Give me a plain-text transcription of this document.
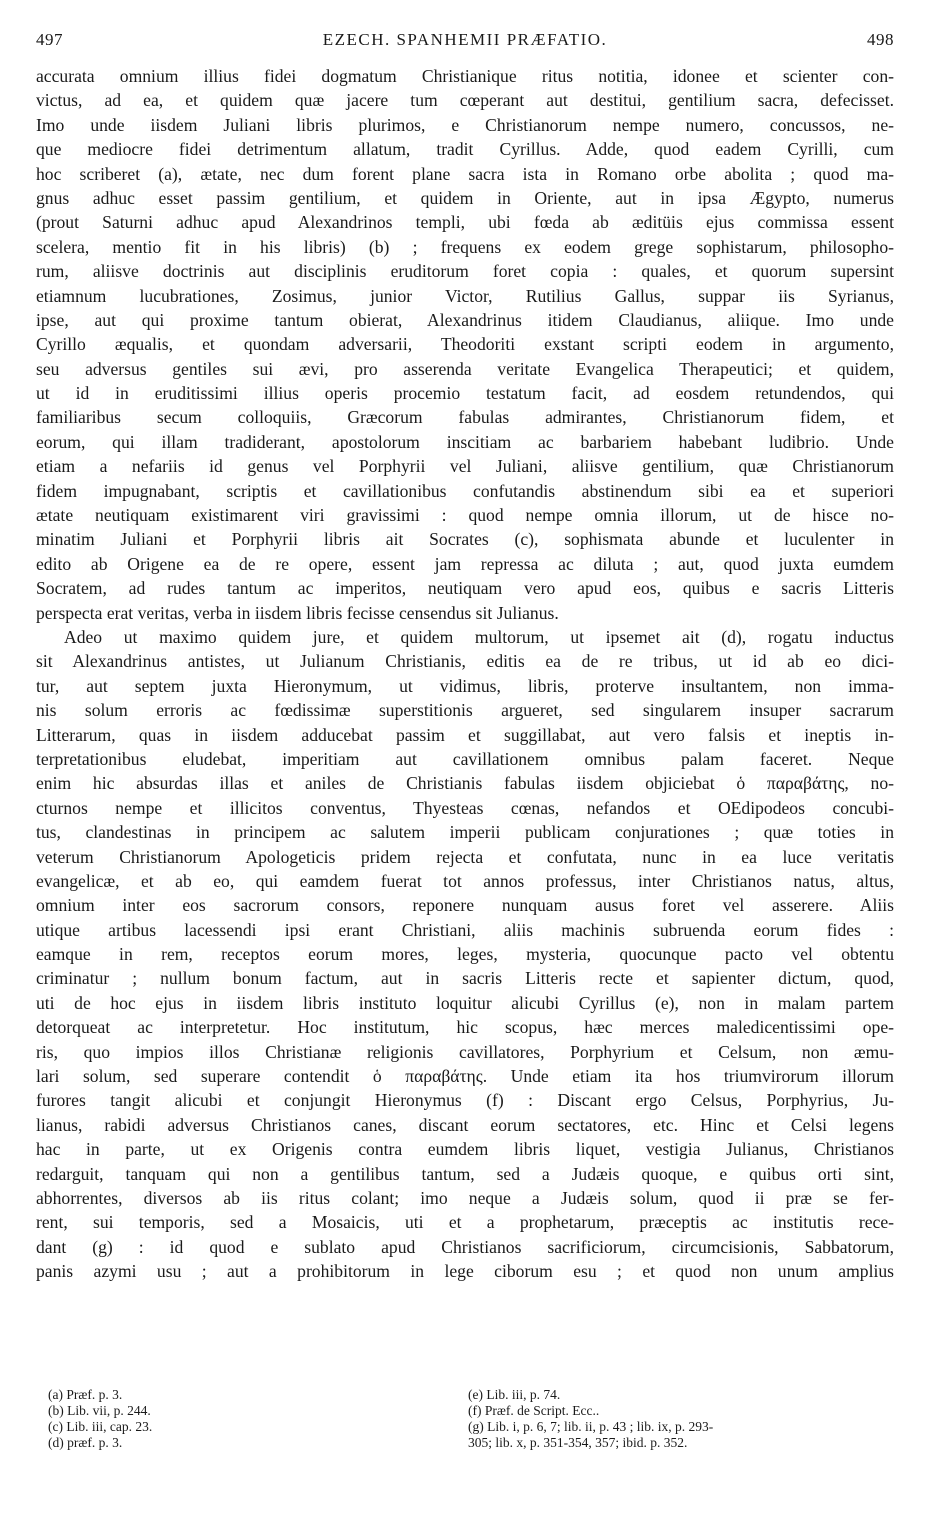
497	EZECH. SPANHEMII PRÆFATIO.	498
accurata omnium illius fidei dogmatum Christianique ritus notitia, idonee et scienter con-
victus, ad ea, et quidem quæ jacere tum cœperant aut destitui, gentilium sacra, defecisset.
Imo unde iisdem Juliani libris plurimos, e Christianorum nempe numero, concussos, ne-
que mediocre fidei detrimentum allatum, tradit Cyrillus. Adde, quod eadem Cyrilli, cum
hoc scriberet (a), ætate, nec dum forent plane sacra ista in Romano orbe abolita ; quod ma-
gnus adhuc esset passim gentilium, et quidem in Oriente, aut in ipsa Ægypto, numerus
(prout Saturni adhuc apud Alexandrinos templi, ubi fœda ab æditüis ejus commissa essent
scelera, mentio fit in his libris) (b) ; frequens ex eodem grege sophistarum, philosopho-
rum, aliisve doctrinis aut disciplinis eruditorum foret copia : quales, et quorum supersint
etiamnum lucubrationes, Zosimus, junior Victor, Rutilius Gallus, suppar iis Syrianus,
ipse, aut qui proxime tantum obierat, Alexandrinus itidem Claudianus, aliique. Imo unde
Cyrillo æqualis, et quondam adversarii, Theodoriti exstant scripti eodem in argumento,
seu adversus gentiles sui ævi, pro asserenda veritate Evangelica Therapeutici; et quidem,
ut id in eruditissimi illius operis procemio testatum facit, ad eosdem retundendos, qui
familiaribus secum colloquiis, Græcorum fabulas admirantes, Christianorum fidem, et
eorum, qui illam tradiderant, apostolorum inscitiam ac barbariem habebant ludibrio. Unde
etiam a nefariis id genus vel Porphyrii vel Juliani, aliisve gentilium, quæ Christianorum
fidem impugnabant, scriptis et cavillationibus confutandis abstinendum sibi ea et superiori
ætate neutiquam existimarent viri gravissimi : quod nempe omnia illorum, ut de hisce no-
minatim Juliani et Porphyrii libris ait Socrates (c), sophismata abunde et luculenter in
edito ab Origene ea de re opere, essent jam repressa ac diluta ; aut, quod juxta eumdem
Socratem, ad rudes tantum ac imperitos, neutiquam vero apud eos, quibus e sacris Litteris
perspecta erat veritas, verba in iisdem libris fecisse censendus sit Julianus.
Adeo ut maximo quidem jure, et quidem multorum, ut ipsemet ait (d), rogatu inductus
sit Alexandrinus antistes, ut Julianum Christianis, editis ea de re tribus, ut id ab eo dici-
tur, aut septem juxta Hieronymum, ut vidimus, libris, proterve insultantem, non imma-
nis solum erroris ac fœdissimæ superstitionis argueret, sed singularem insuper sacrarum
Litterarum, quas in iisdem adducebat passim et suggillabat, aut vero falsis et ineptis in-
terpretationibus eludebat, imperitiam aut cavillationem omnibus palam faceret. Neque
enim hic absurdas illas et aniles de Christianis fabulas iisdem objiciebat ὁ παραβάτης, no-
cturnos nempe et illicitos conventus, Thyesteas cœnas, nefandos et OEdipodeos concubi-
tus, clandestinas in principem ac salutem imperii publicam conjurationes ; quæ toties in
veterum Christianorum Apologeticis pridem rejecta et confutata, nunc in ea luce veritatis
evangelicæ, et ab eo, qui eamdem fuerat tot annos professus, inter Christianos natus, altus,
omnium inter eos sacrorum consors, reponere nunquam ausus foret vel asserere. Aliis
utique artibus lacessendi ipsi erant Christiani, aliis machinis subruenda eorum fides :
eamque in rem, receptos eorum mores, leges, mysteria, quocunque pacto vel obtentu
criminatur ; nullum bonum factum, aut in sacris Litteris recte et sapienter dictum, quod,
uti de hoc ejus in iisdem libris instituto loquitur alicubi Cyrillus (e), non in malam partem
detorqueat ac interpretetur. Hoc institutum, hic scopus, hæc merces maledicentissimi ope-
ris, quo impios illos Christianæ religionis cavillatores, Porphyrium et Celsum, non æmu-
lari solum, sed superare contendit ὁ παραβάτης. Unde etiam ita hos triumvirorum illorum
furores tangit alicubi et conjungit Hieronymus (f) : Discant ergo Celsus, Porphyrius, Ju-
lianus, rabidi adversus Christianos canes, discant eorum sectatores, etc. Hinc et Celsi legens
hac in parte, ut ex Origenis contra eumdem libris liquet, vestigia Julianus, Christianos
redarguit, tanquam qui non a gentilibus tantum, sed a Judæis quoque, e quibus orti sint,
abhorrentes, diversos ab iis ritus colant; imo neque a Judæis solum, quod ii præ se fer-
rent, sui temporis, sed a Mosaicis, uti et a prophetarum, præceptis ac institutis rece-
dant (g) : id quod e sublato apud Christianos sacrificiorum, circumcisionis, Sabbatorum,
panis azymi usu ; aut a prohibitorum in lege ciborum esu ; et quod non unum amplius
(a) Præf. p. 3.
(b) Lib. vii, p. 244.
(c) Lib. iii, cap. 23.
(d) præf. p. 3.
(e) Lib. iii, p. 74.
(f) Præf. de Script. Ecc..
(g) Lib. i, p. 6, 7; lib. ii, p. 43 ; lib. ix, p. 293-
305; lib. x, p. 351-354, 357; ibid. p. 352.
